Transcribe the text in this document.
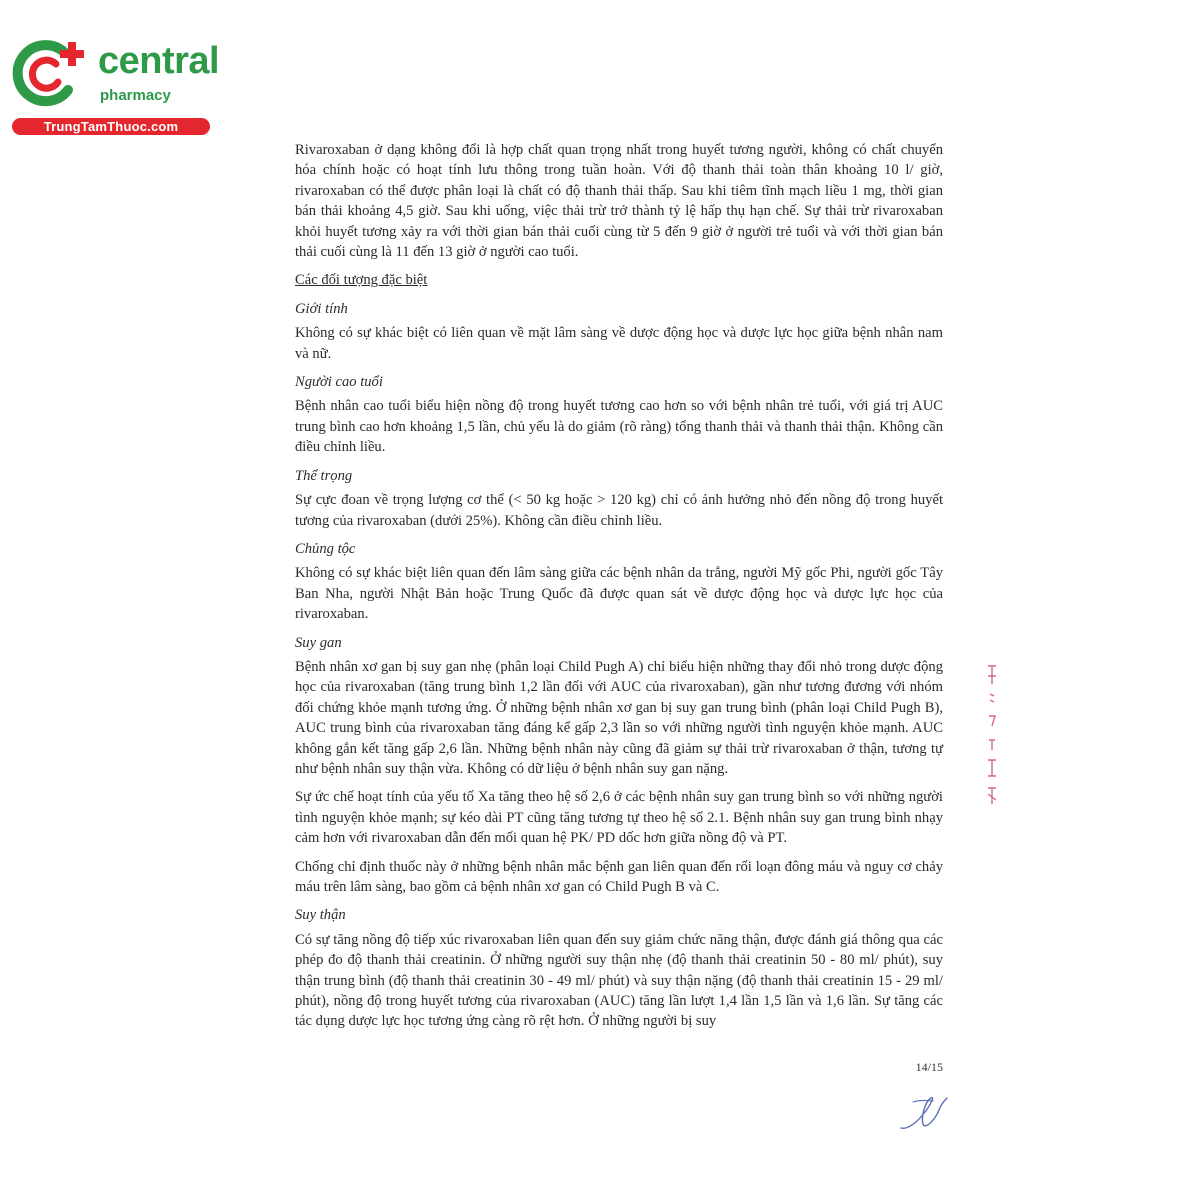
central
pharmacy
TrungTamThuoc.com

Rivaroxaban ở dạng không đổi là hợp chất quan trọng nhất trong huyết tương người, không có chất chuyển hóa chính hoặc có hoạt tính lưu thông trong tuần hoàn. Với độ thanh thải toàn thân khoảng 10 l/ giờ, rivaroxaban có thể được phân loại là chất có độ thanh thải thấp. Sau khi tiêm tĩnh mạch liều 1 mg, thời gian bán thải khoảng 4,5 giờ. Sau khi uống, việc thải trừ trở thành tỷ lệ hấp thụ hạn chế. Sự thải trừ rivaroxaban khỏi huyết tương xảy ra với thời gian bán thải cuối cùng từ 5 đến 9 giờ ở người trẻ tuổi và với thời gian bán thải cuối cùng là 11 đến 13 giờ ở người cao tuổi.

Các đối tượng đặc biệt

Giới tính

Không có sự khác biệt có liên quan về mặt lâm sàng về dược động học và dược lực học giữa bệnh nhân nam và nữ.

Người cao tuổi

Bệnh nhân cao tuổi biểu hiện nồng độ trong huyết tương cao hơn so với bệnh nhân trẻ tuổi, với giá trị AUC trung bình cao hơn khoảng 1,5 lần, chủ yếu là do giảm (rõ ràng) tổng thanh thải và thanh thải thận. Không cần điều chỉnh liều.

Thể trọng

Sự cực đoan về trọng lượng cơ thể (< 50 kg hoặc > 120 kg) chỉ có ảnh hưởng nhỏ đến nồng độ trong huyết tương của rivaroxaban (dưới 25%). Không cần điều chỉnh liều.

Chủng tộc

Không có sự khác biệt liên quan đến lâm sàng giữa các bệnh nhân da trắng, người Mỹ gốc Phi, người gốc Tây Ban Nha, người Nhật Bản hoặc Trung Quốc đã được quan sát về dược động học và dược lực học của rivaroxaban.

Suy gan

Bệnh nhân xơ gan bị suy gan nhẹ (phân loại Child Pugh A) chỉ biểu hiện những thay đổi nhỏ trong dược động học của rivaroxaban (tăng trung bình 1,2 lần đối với AUC của rivaroxaban), gần như tương đương với nhóm đối chứng khỏe mạnh tương ứng. Ở những bệnh nhân xơ gan bị suy gan trung bình (phân loại Child Pugh B), AUC trung bình của rivaroxaban tăng đáng kể gấp 2,3 lần so với những người tình nguyện khỏe mạnh. AUC không gắn kết tăng gấp 2,6 lần. Những bệnh nhân này cũng đã giảm sự thải trừ rivaroxaban ở thận, tương tự như bệnh nhân suy thận vừa. Không có dữ liệu ở bệnh nhân suy gan nặng.

Sự ức chế hoạt tính của yếu tố Xa tăng theo hệ số 2,6 ở các bệnh nhân suy gan trung bình so với những người tình nguyện khỏe mạnh; sự kéo dài PT cũng tăng tương tự theo hệ số 2.1. Bệnh nhân suy gan trung bình nhạy cảm hơn với rivaroxaban dẫn đến mối quan hệ PK/ PD dốc hơn giữa nồng độ và PT.

Chống chỉ định thuốc này ở những bệnh nhân mắc bệnh gan liên quan đến rối loạn đông máu và nguy cơ chảy máu trên lâm sàng, bao gồm cả bệnh nhân xơ gan có Child Pugh B và C.

Suy thận

Có sự tăng nồng độ tiếp xúc rivaroxaban liên quan đến suy giảm chức năng thận, được đánh giá thông qua các phép đo độ thanh thải creatinin. Ở những người suy thận nhẹ (độ thanh thải creatinin 50 - 80 ml/ phút), suy thận trung bình (độ thanh thải creatinin 30 - 49 ml/ phút) và suy thận nặng (độ thanh thải creatinin 15 - 29 ml/ phút), nồng độ trong huyết tương của rivaroxaban (AUC) tăng lần lượt 1,4 lần 1,5 lần và 1,6 lần. Sự tăng các tác dụng dược lực học tương ứng càng rõ rệt hơn. Ở những người bị suy

14/15
